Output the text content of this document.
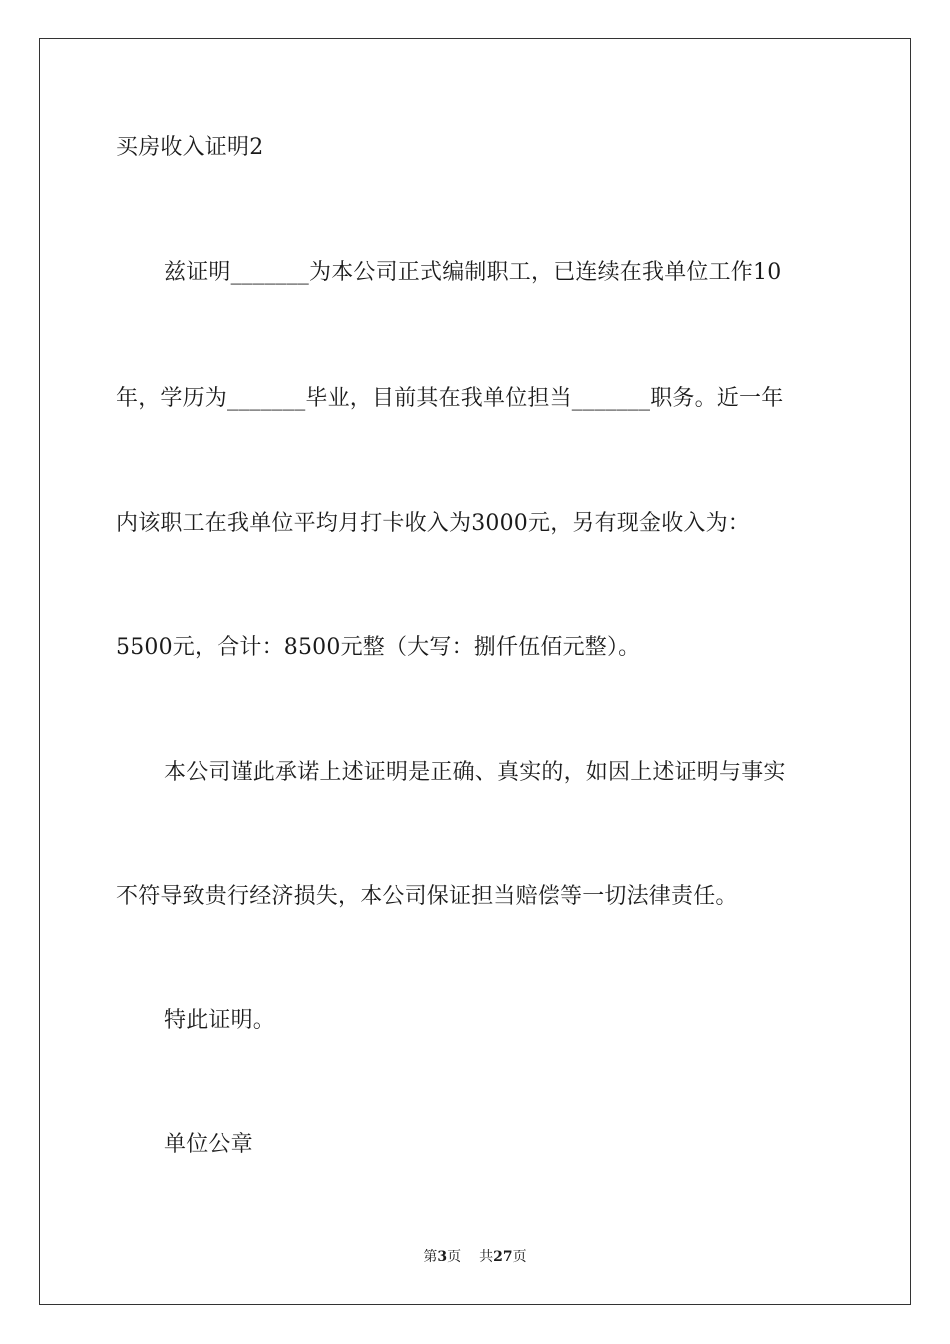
买房收入证明2
兹证明_______为本公司正式编制职工，已连续在我单位工作10
年，学历为_______毕业，目前其在我单位担当_______职务。近一年
内该职工在我单位平均月打卡收入为3000元，另有现金收入为：
5500元，合计：8500元整（大写：捌仟伍佰元整）。
本公司谨此承诺上述证明是正确、真实的，如因上述证明与事实
不符导致贵行经济损失，本公司保证担当赔偿等一切法律责任。
特此证明。
单位公章
第3页 共27页
